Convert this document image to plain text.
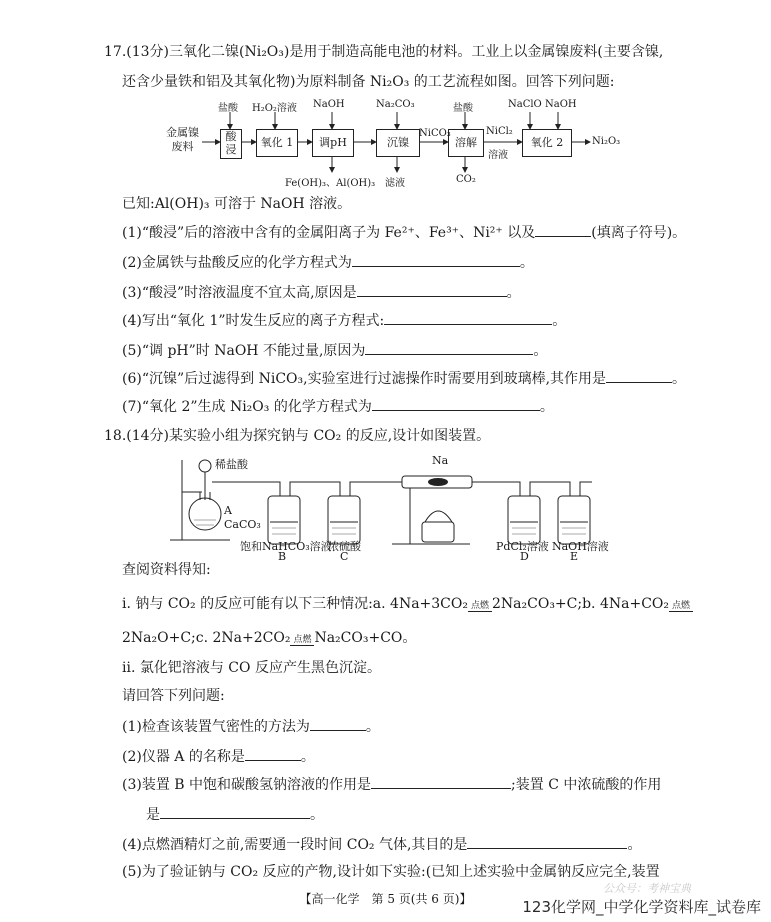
17.(13分)三氧化二镍(Ni₂O₃)是用于制造高能电池的材料。工业上以金属镍废料(主要含镍,
还含少量铁和铝及其氧化物)为原料制备 Ni₂O₃ 的工艺流程如图。回答下列问题:
金属镍
废料
酸浸
氧化 1	调pH	沉镍	溶解	氧化 2
盐酸 H₂O₂溶液 NaOH	Na₂CO₃	盐酸	NaClO NaOH
NiCO₃	NiCl₂
溶液
Fe(OH)₃、Al(OH)₃ 滤液	CO₂
Ni₂O₃
已知:Al(OH)₃ 可溶于 NaOH 溶液。
(1)“酸浸”后的溶液中含有的金属阳离子为 Fe²⁺、Fe³⁺、Ni²⁺ 以及	(填离子符号)。
(2)金属铁与盐酸反应的化学方程式为	。
(3)“酸浸”时溶液温度不宜太高,原因是	。
(4)写出“氧化 1”时发生反应的离子方程式:	。
(5)“调 pH”时 NaOH 不能过量,原因为	。
(6)“沉镍”后过滤得到 NiCO₃,实验室进行过滤操作时需要用到玻璃棒,其作用是	。
(7)“氧化 2”生成 Ni₂O₃ 的化学方程式为	。
18.(14分)某实验小组为探究钠与 CO₂ 的反应,设计如图装置。
稀盐酸	Na
A
CaCO₃
饱和NaHCO₃溶液
B
浓硫酸
C
PdCl₂溶液
D
NaOH溶液
E
查阅资料得知:
ⅰ. 钠与 CO₂ 的反应可能有以下三种情况:a. 4Na+3CO₂ 点燃 2Na₂CO₃+C;b. 4Na+CO₂ 点燃
2Na₂O+C;c. 2Na+2CO₂ 点燃 Na₂CO₃+CO。
ⅱ. 氯化钯溶液与 CO 反应产生黑色沉淀。
请回答下列问题:
(1)检查该装置气密性的方法为	。
(2)仪器 A 的名称是	。
(3)装置 B 中饱和碳酸氢钠溶液的作用是	;装置 C 中浓硫酸的作用
是	。
(4)点燃酒精灯之前,需要通一段时间 CO₂ 气体,其目的是	。
(5)为了验证钠与 CO₂ 反应的产物,设计如下实验:(已知上述实验中金属钠反应完全,装置
【高一化学　第 5 页(共 6 页)】
公众号：考神宝典
123化学网_中学化学资料库_试卷库
